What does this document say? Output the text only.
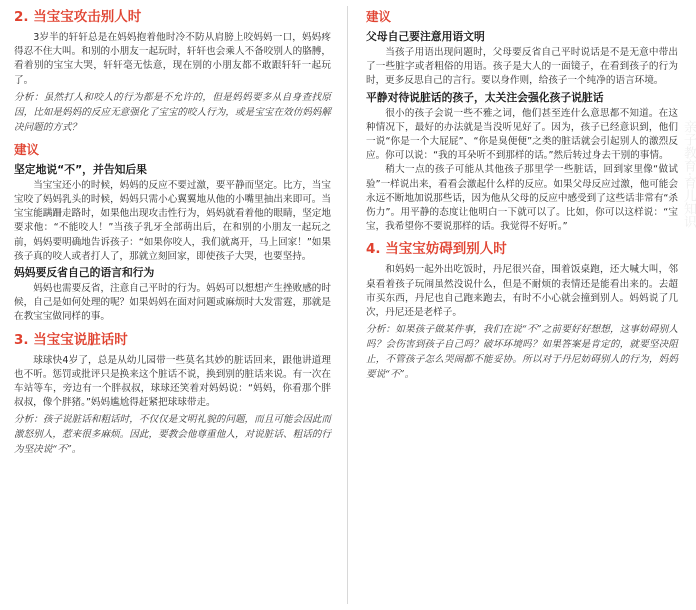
2. 当宝宝攻击别人时

3岁半的轩轩总是在妈妈抱着他时冷不防从肩膀上咬妈妈一口，妈妈疼得忍不住大叫。和别的小朋友一起玩时，轩轩也会乘人不备咬别人的胳膊，看着别的宝宝大哭，轩轩毫无怯意，现在别的小朋友都不敢跟轩轩一起玩了。

分析：虽然打人和咬人的行为都是不允许的，但是妈妈要多从自身查找原因，比如是妈妈的反应无意强化了宝宝的咬人行为，或是宝宝在效仿妈妈解决问题的方式？

建议
坚定地说“不”，并告知后果

当宝宝还小的时候，妈妈的反应不要过激，要平静而坚定。比方，当宝宝咬了妈妈乳头的时候，妈妈只需小心翼翼地从他的小嘴里抽出来即可。当宝宝能蹒跚走路时，如果他出现攻击性行为，妈妈就看着他的眼睛，坚定地要求他：“不能咬人！”当孩子乳牙全部萌出后，在和别的小朋友一起玩之前，妈妈要明确地告诉孩子：“如果你咬人，我们就离开，马上回家！”如果孩子真的咬人或者打人了，那就立刻回家，即使孩子大哭，也要坚持。

妈妈要反省自己的语言和行为

妈妈也需要反省，注意自己平时的行为。妈妈可以想想产生挫败感的时候，自己是如何处理的呢？如果妈妈在面对问题或麻烦时大发雷霆，那就是在教宝宝做同样的事。

3. 当宝宝说脏话时

球球快4岁了，总是从幼儿园带一些莫名其妙的脏话回来，跟他讲道理也不听。惩罚或批评只是换来这个脏话不说，换到别的脏话来说。有一次在车站等车，旁边有一个胖叔叔，球球还笑着对妈妈说：“妈妈，你看那个胖叔叔，像个胖猪。”妈妈尴尬得赶紧把球球带走。

分析：孩子说脏话和粗话时，不仅仅是文明礼貌的问题，而且可能会因此而激怒别人，惹来很多麻烦。因此，要教会他尊重他人，对说脏话、粗话的行为坚决说“不”。

建议
父母自己要注意用语文明

当孩子用语出现问题时，父母要反省自己平时说话是不是无意中带出了一些脏字或者粗俗的用语。孩子是大人的一面镜子，在看到孩子的行为时，更多反思自己的言行。要以身作则，给孩子一个纯净的语言环境。

平静对待说脏话的孩子，太关注会强化孩子说脏话

很小的孩子会说一些不雅之词，他们甚至连什么意思都不知道。在这种情况下，最好的办法就是当没听见好了。因为，孩子已经意识到，他们一说“你是一个大屁屁”、“你是臭便便”之类的脏话就会引起别人的激烈反应。你可以说：“我的耳朵听不到那样的话。”然后转过身去干别的事情。

稍大一点的孩子可能从其他孩子那里学一些脏话，回到家里像“做试验”一样说出来，看看会激起什么样的反应。如果父母反应过激，他可能会永远不断地加说那些话，因为他从父母的反应中感受到了这些话非常有“杀伤力”。用平静的态度让他明白一下就可以了。比如，你可以这样说：“宝宝，我希望你不要说那样的话。我觉得不好听。”

4. 当宝宝妨碍到别人时

和妈妈一起外出吃饭时，丹尼很兴奋，围着饭桌跑，还大喊大叫，邻桌看着孩子玩闹虽然没说什么，但是不耐烦的表情还是能看出来的。去超市买东西，丹尼也自己跑来跑去，有时不小心就会撞到别人。妈妈说了几次，丹尼还是老样子。

分析：如果孩子做某件事，我们在说“不”之前要好好想想，这事妨碍别人吗？会伤害到孩子自己吗？破坏环境吗？如果答案是肯定的，就要坚决阻止，不管孩子怎么哭闹都不能妥协。所以对于丹尼妨碍别人的行为，妈妈要说“不”。

亲子教育·育儿知识
